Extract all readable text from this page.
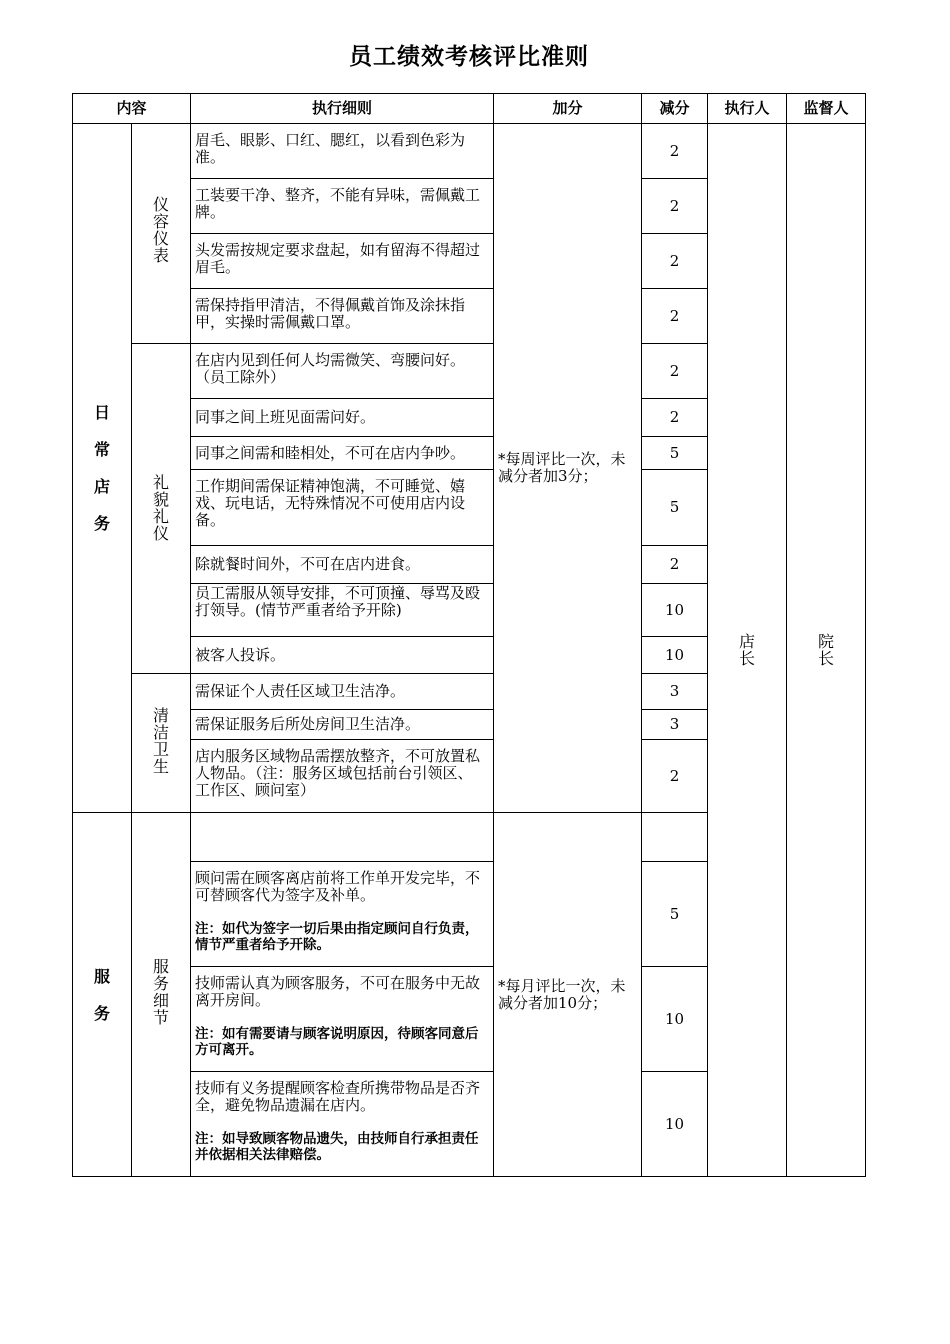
员工绩效考核评比准则
内容		执行细则	加分	减分	执行人	监督人

日常店务	仪容仪表	眉毛、眼影、口红、腮红，以看到色彩为准。	*每周评比一次，未减分者加3分；	2	店长	院长

		工装要干净、整齐，不能有异味，需佩戴工牌。		2		

		头发需按规定要求盘起，如有留海不得超过眉毛。		2		

		需保持指甲清洁，不得佩戴首饰及涂抹指甲，实操时需佩戴口罩。		2		

	礼貌礼仪	在店内见到任何人均需微笑、弯腰问好。（员工除外）		2		

		同事之间上班见面需问好。		2		

		同事之间需和睦相处，不可在店内争吵。		5		

		工作期间需保证精神饱满，不可睡觉、嬉戏、玩电话，无特殊情况不可使用店内设备。		5		

		除就餐时间外，不可在店内进食。		2		

		员工需服从领导安排，不可顶撞、辱骂及殴打领导。(情节严重者给予开除)		10		

		被客人投诉。		10		

	清洁卫生	需保证个人责任区域卫生洁净。		3		

		需保证服务后所处房间卫生洁净。		3		

		店内服务区域物品需摆放整齐，不可放置私人物品。（注：服务区域包括前台引领区、工作区、顾问室）		2		

服务	服务细节		*每月评比一次，未减分者加10分；			

		顾问需在顾客离店前将工作单开发完毕，不可替顾客代为签字及补单。
注：如代为签字一切后果由指定顾问自行负责，情节严重者给予开除。		5		

		技师需认真为顾客服务，不可在服务中无故离开房间。
注：如有需要请与顾客说明原因，待顾客同意后方可离开。		10		

		技师有义务提醒顾客检查所携带物品是否齐全，避免物品遗漏在店内。
注：如导致顾客物品遗失，由技师自行承担责任并依据相关法律赔偿。		10		
